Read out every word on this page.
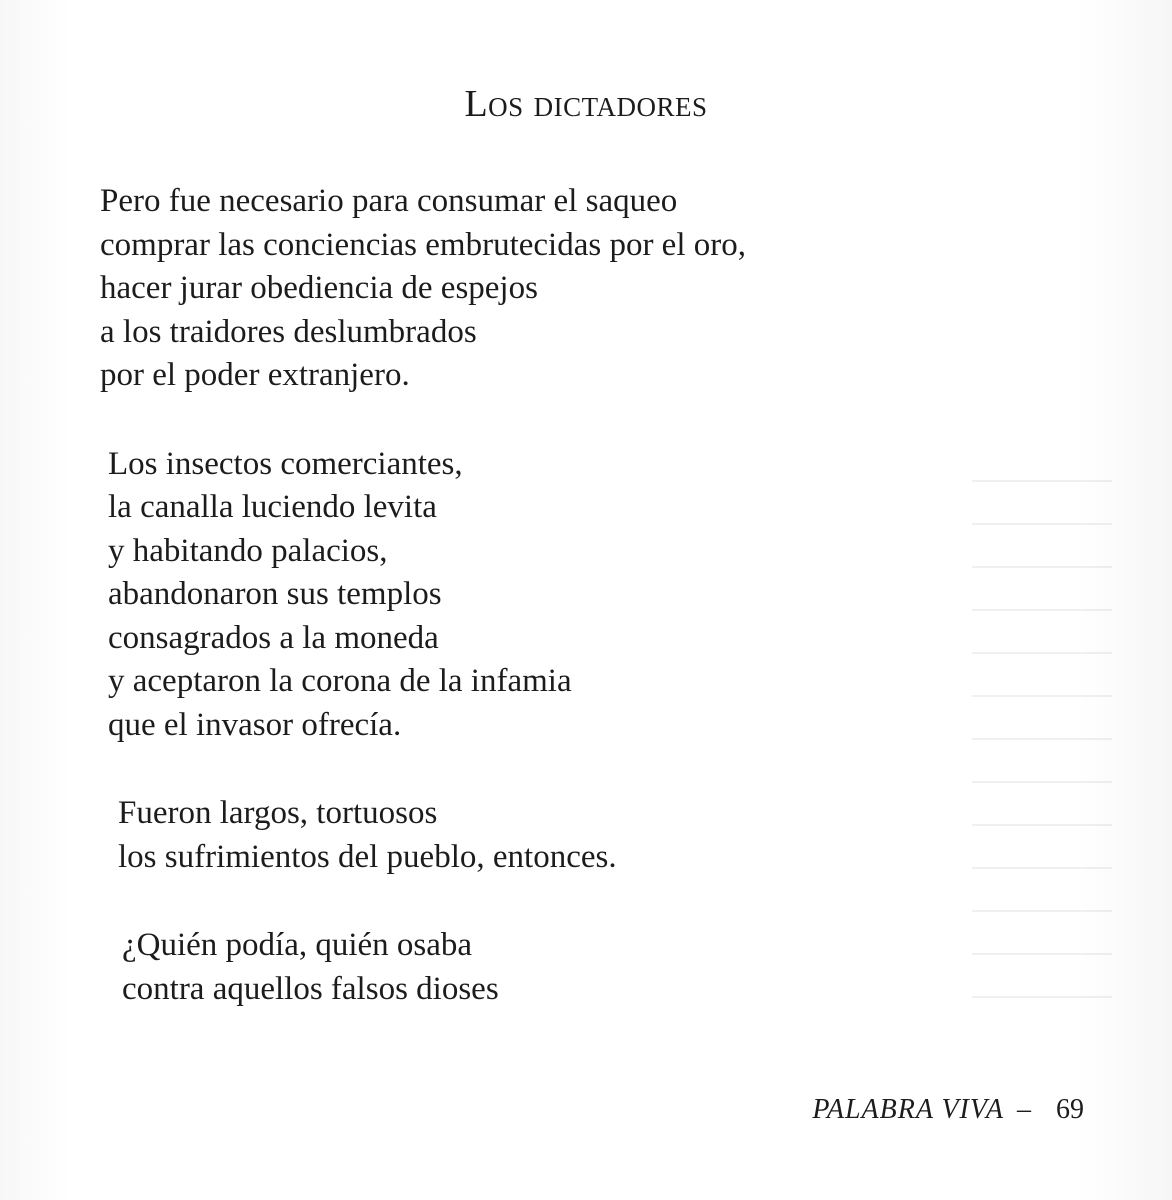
Los dictadores
Pero fue necesario para consumar el saqueo
comprar las conciencias embrutecidas por el oro,
hacer jurar obediencia de espejos
a los traidores deslumbrados
por el poder extranjero.
Los insectos comerciantes,
la canalla luciendo levita
y habitando palacios,
abandonaron sus templos
consagrados a la moneda
y aceptaron la corona de la infamia
que el invasor ofrecía.
Fueron largos, tortuosos
los sufrimientos del pueblo, entonces.
¿Quién podía, quién osaba
contra aquellos falsos dioses
PALABRA VIVA – 69
